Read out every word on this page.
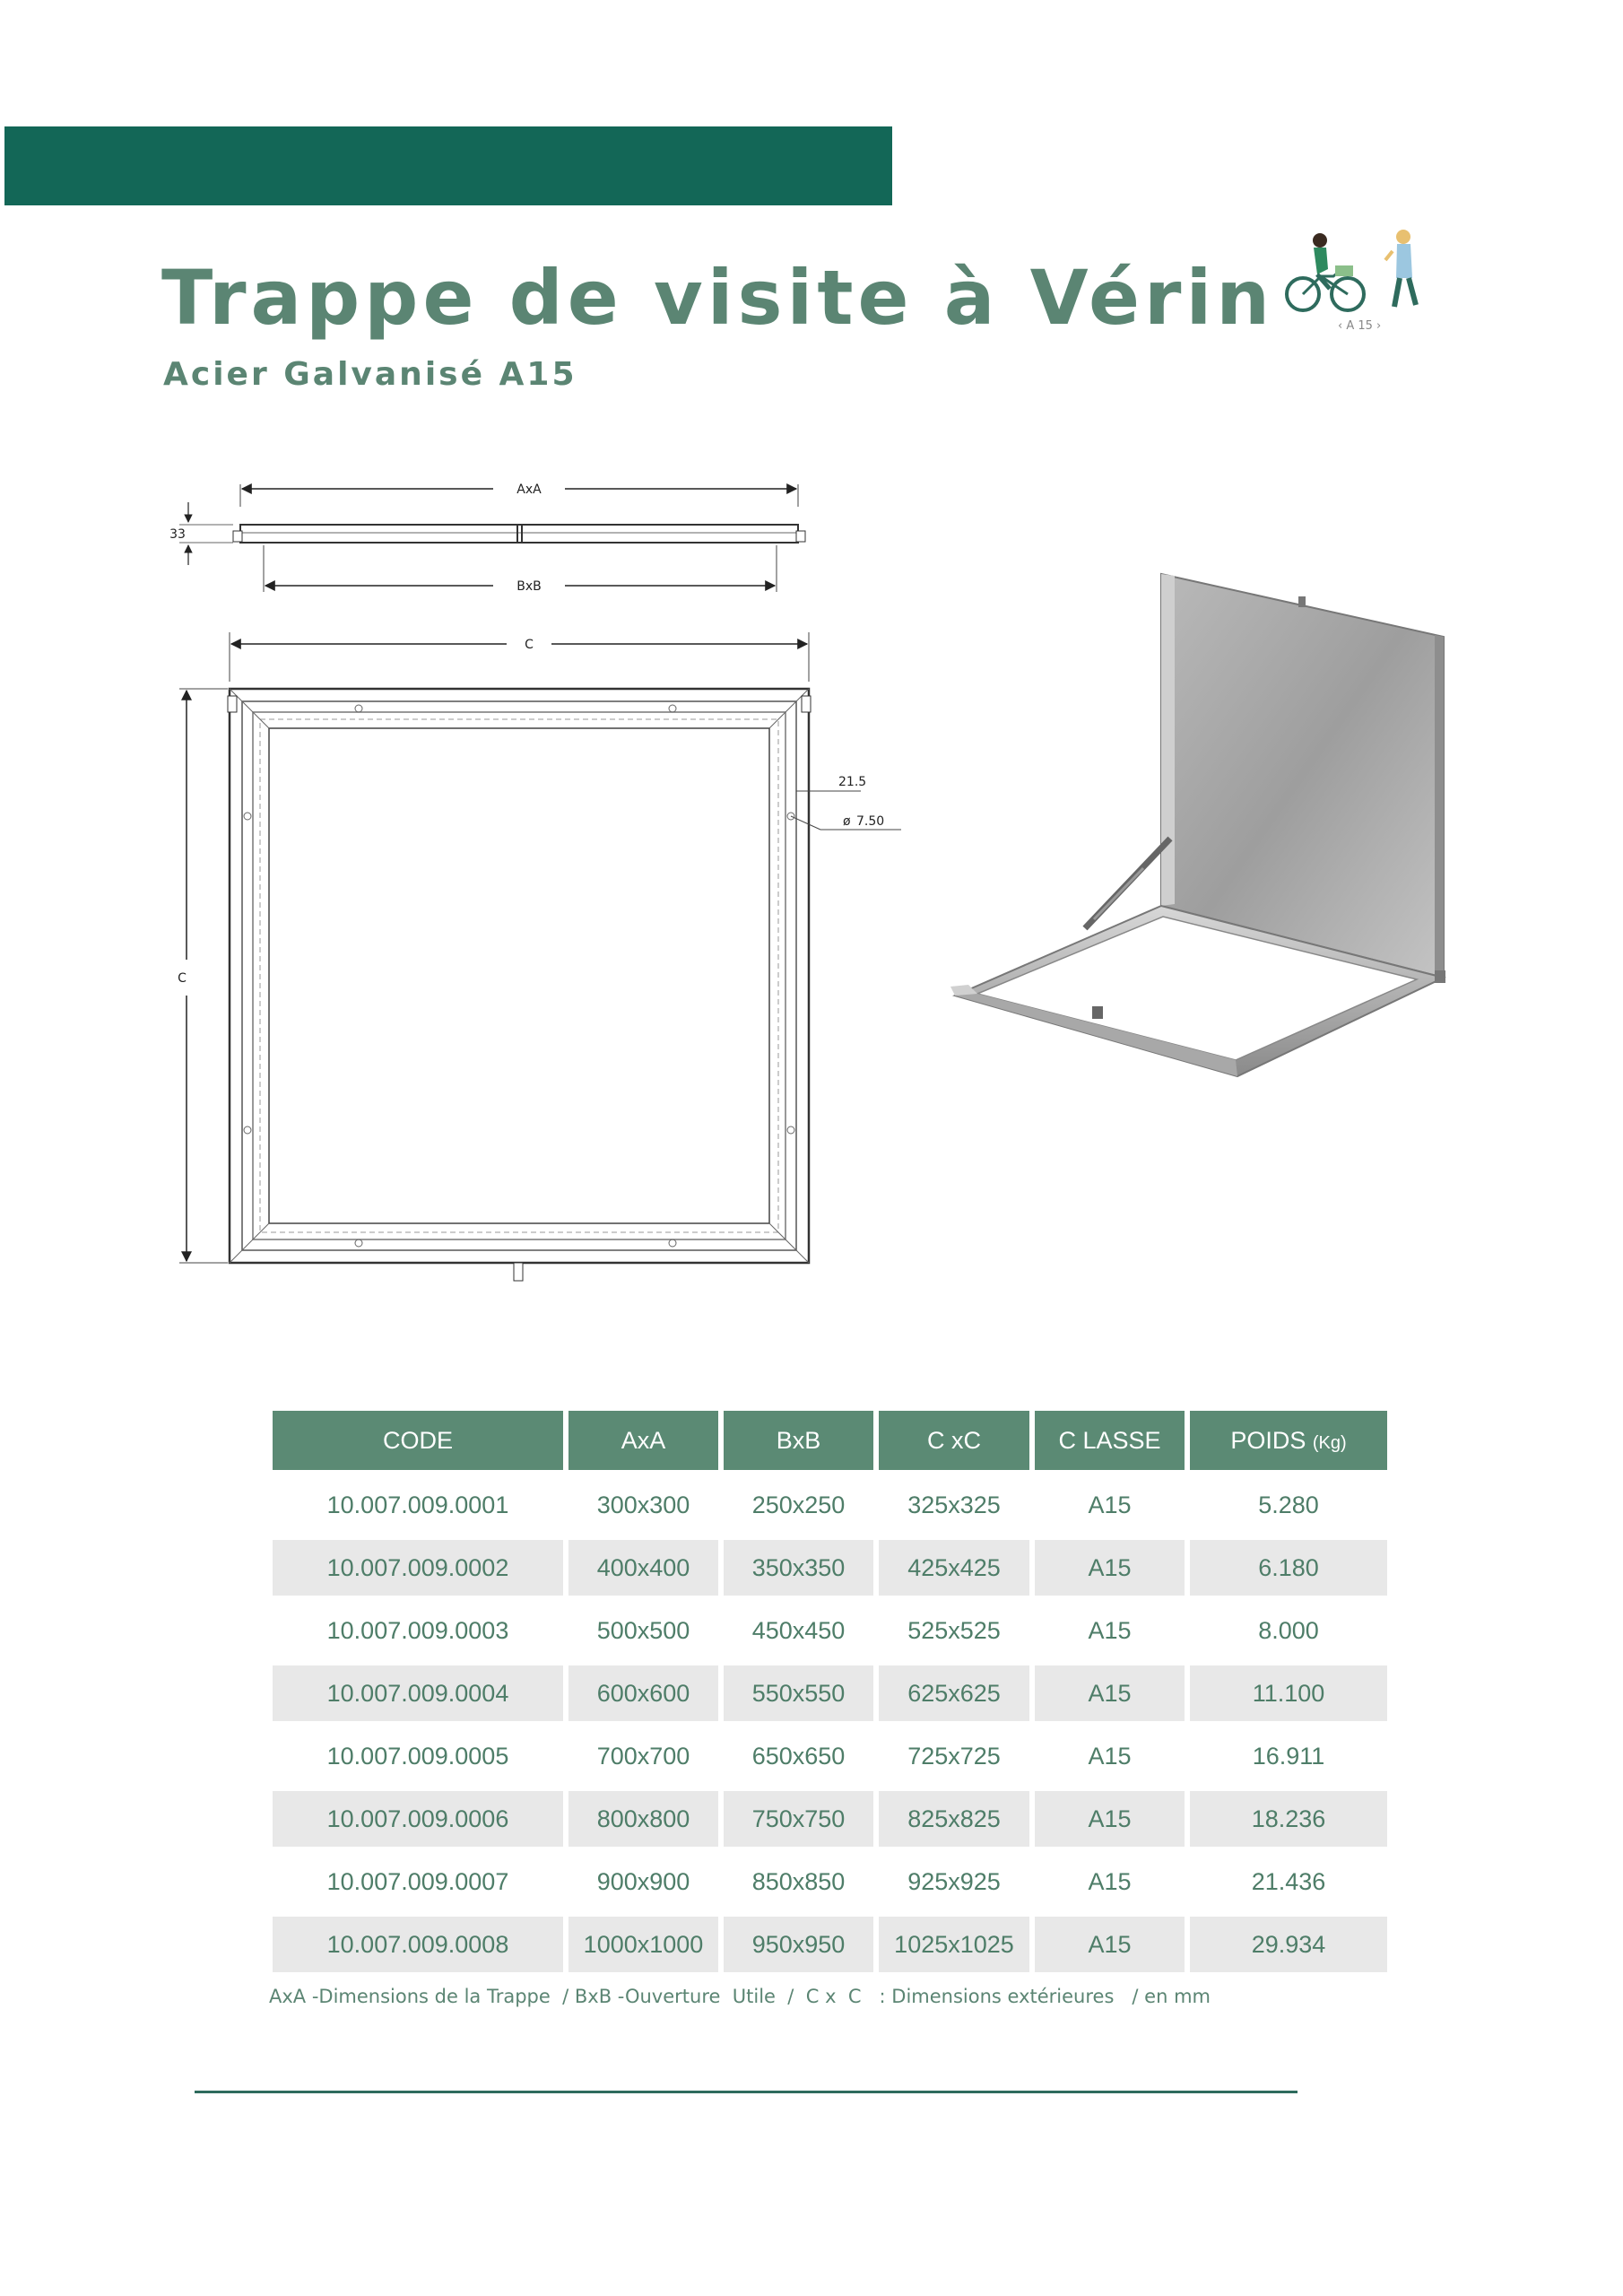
Trappe de visite à Vérin
Acier Galvanisé A15
‹ A 15 ›
AxA
33
BxB
C
C
21.5
ø 7.50
CODE	AxA	BxB	C xC	C LASSE	POIDS (Kg)
10.007.009.0001	300x300	250x250	325x325	A15	5.280
10.007.009.0002	400x400	350x350	425x425	A15	6.180
10.007.009.0003	500x500	450x450	525x525	A15	8.000
10.007.009.0004	600x600	550x550	625x625	A15	11.100
10.007.009.0005	700x700	650x650	725x725	A15	16.911
10.007.009.0006	800x800	750x750	825x825	A15	18.236
10.007.009.0007	900x900	850x850	925x925	A15	21.436
10.007.009.0008	1000x1000	950x950	1025x1025	A15	29.934
AxA -Dimensions de la Trappe  / BxB -Ouverture  Utile  /  C x  C   : Dimensions extérieures   / en mm
